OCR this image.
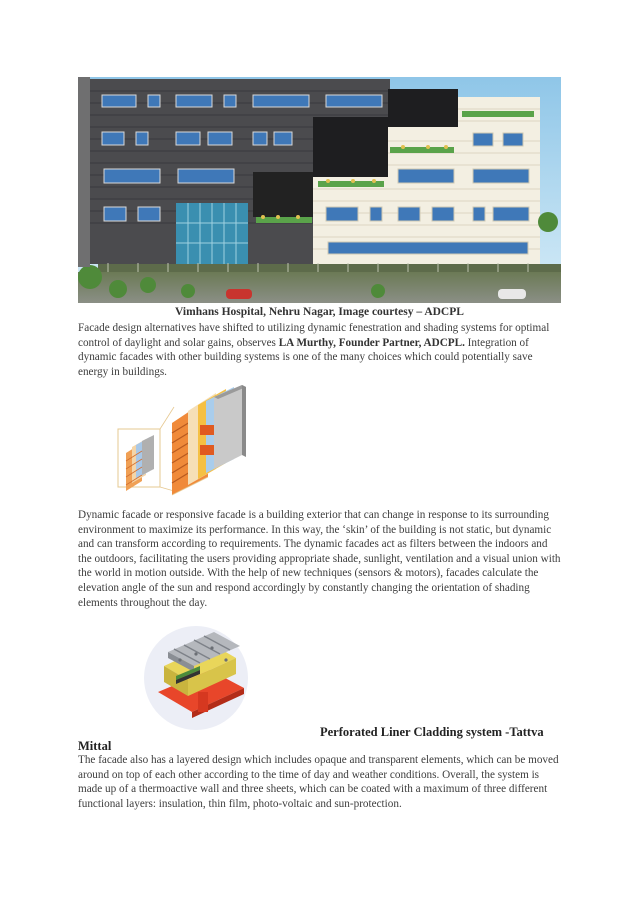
Vimhans Hospital, Nehru Nagar, Image courtesy – ADCPL

Facade design alternatives have shifted to utilizing dynamic fenestration and shading systems for optimal control of daylight and solar gains, observes LA Murthy, Founder Partner, ADCPL. Integration of dynamic facades with other building systems is one of the many choices which could potentially save energy in buildings.

Dynamic facade or responsive facade is a building exterior that can change in response to its surrounding environment to maximize its performance. In this way, the ‘skin’ of the building is not static, but dynamic and can transform according to requirements. The dynamic facades act as filters between the indoors and the outdoors, facilitating the users providing appropriate shade, sunlight, ventilation and a visual union with the world in motion outside. With the help of new techniques (sensors & motors), facades calculate the elevation angle of the sun and respond accordingly by constantly changing the orientation of shading elements throughout the day.

Perforated Liner Cladding system -Tattva
Mittal

The facade also has a layered design which includes opaque and transparent elements, which can be moved around on top of each other according to the time of day and weather conditions. Overall, the system is made up of a thermoactive wall and three sheets, which can be coated with a maximum of three different functional layers: insulation, thin film, photo-voltaic and sun-protection.
